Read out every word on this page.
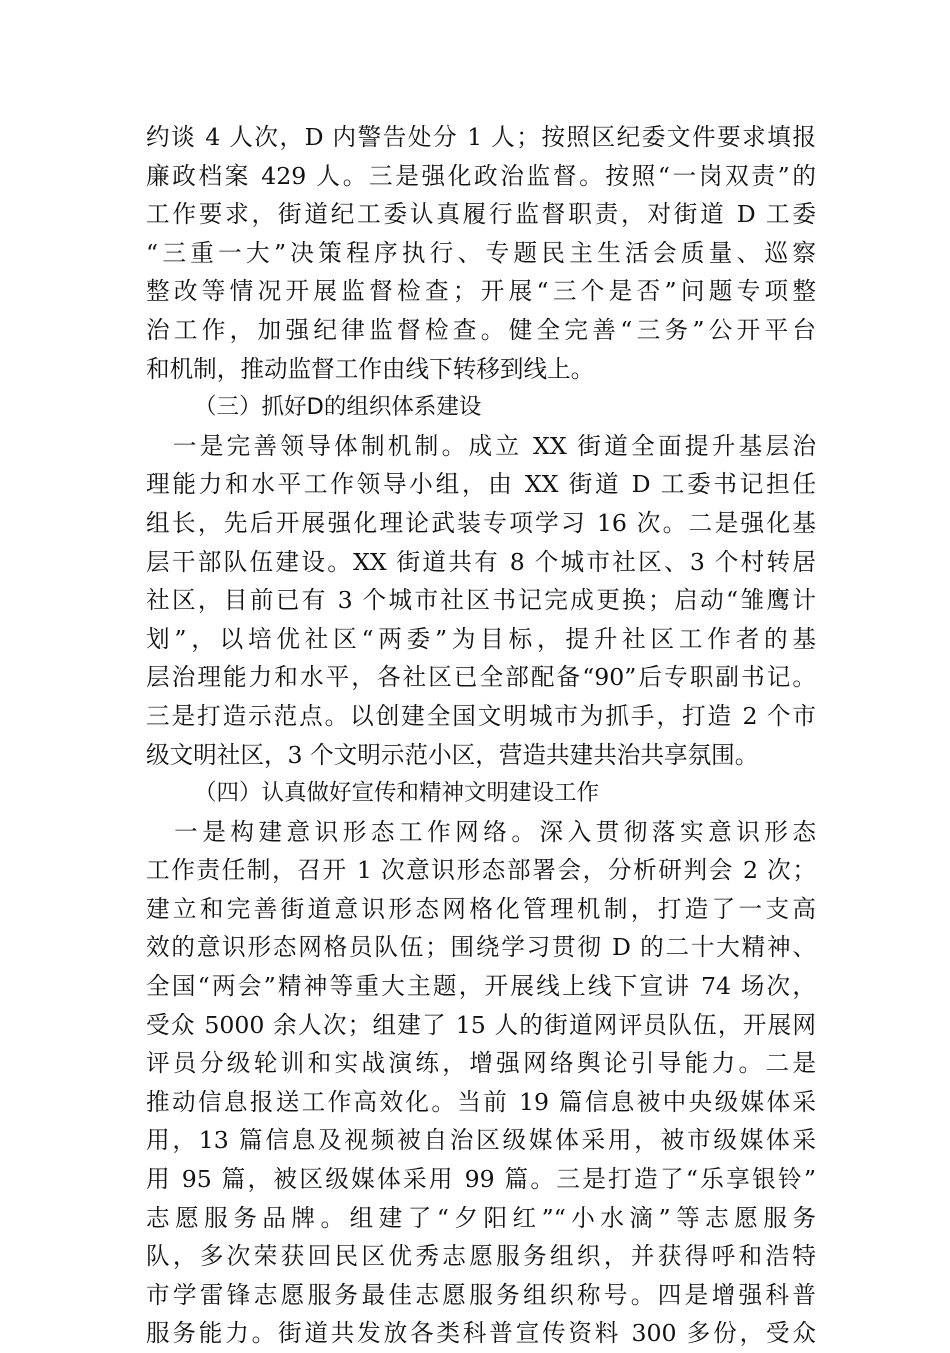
约谈 4 人次，D 内警告处分 1 人；按照区纪委文件要求填报
廉政档案 429 人。三是强化政治监督。按照“一岗双责”的
工作要求，街道纪工委认真履行监督职责，对街道 D 工委
“三重一大”决策程序执行、专题民主生活会质量、巡察
整改等情况开展监督检查；开展“三个是否”问题专项整
治工作，加强纪律监督检查。健全完善“三务”公开平台
和机制，推动监督工作由线下转移到线上。
（三）抓好D的组织体系建设
　一是完善领导体制机制。成立 XX 街道全面提升基层治
理能力和水平工作领导小组，由 XX 街道 D 工委书记担任
组长，先后开展强化理论武装专项学习 16 次。二是强化基
层干部队伍建设。XX 街道共有 8 个城市社区、3 个村转居
社区，目前已有 3 个城市社区书记完成更换；启动“雏鹰计
划”，以培优社区“两委”为目标，提升社区工作者的基
层治理能力和水平，各社区已全部配备“90”后专职副书记。
三是打造示范点。以创建全国文明城市为抓手，打造 2 个市
级文明社区，3 个文明示范小区，营造共建共治共享氛围。
（四）认真做好宣传和精神文明建设工作
　一是构建意识形态工作网络。深入贯彻落实意识形态
工作责任制，召开 1 次意识形态部署会，分析研判会 2 次；
建立和完善街道意识形态网格化管理机制，打造了一支高
效的意识形态网格员队伍；围绕学习贯彻 D 的二十大精神、
全国“两会”精神等重大主题，开展线上线下宣讲 74 场次，
受众 5000 余人次；组建了 15 人的街道网评员队伍，开展网
评员分级轮训和实战演练，增强网络舆论引导能力。二是
推动信息报送工作高效化。当前 19 篇信息被中央级媒体采
用，13 篇信息及视频被自治区级媒体采用，被市级媒体采
用 95 篇，被区级媒体采用 99 篇。三是打造了“乐享银铃”
志愿服务品牌。组建了“夕阳红”“小水滴”等志愿服务
队，多次荣获回民区优秀志愿服务组织，并获得呼和浩特
市学雷锋志愿服务最佳志愿服务组织称号。四是增强科普
服务能力。街道共发放各类科普宣传资料 300 多份，受众
